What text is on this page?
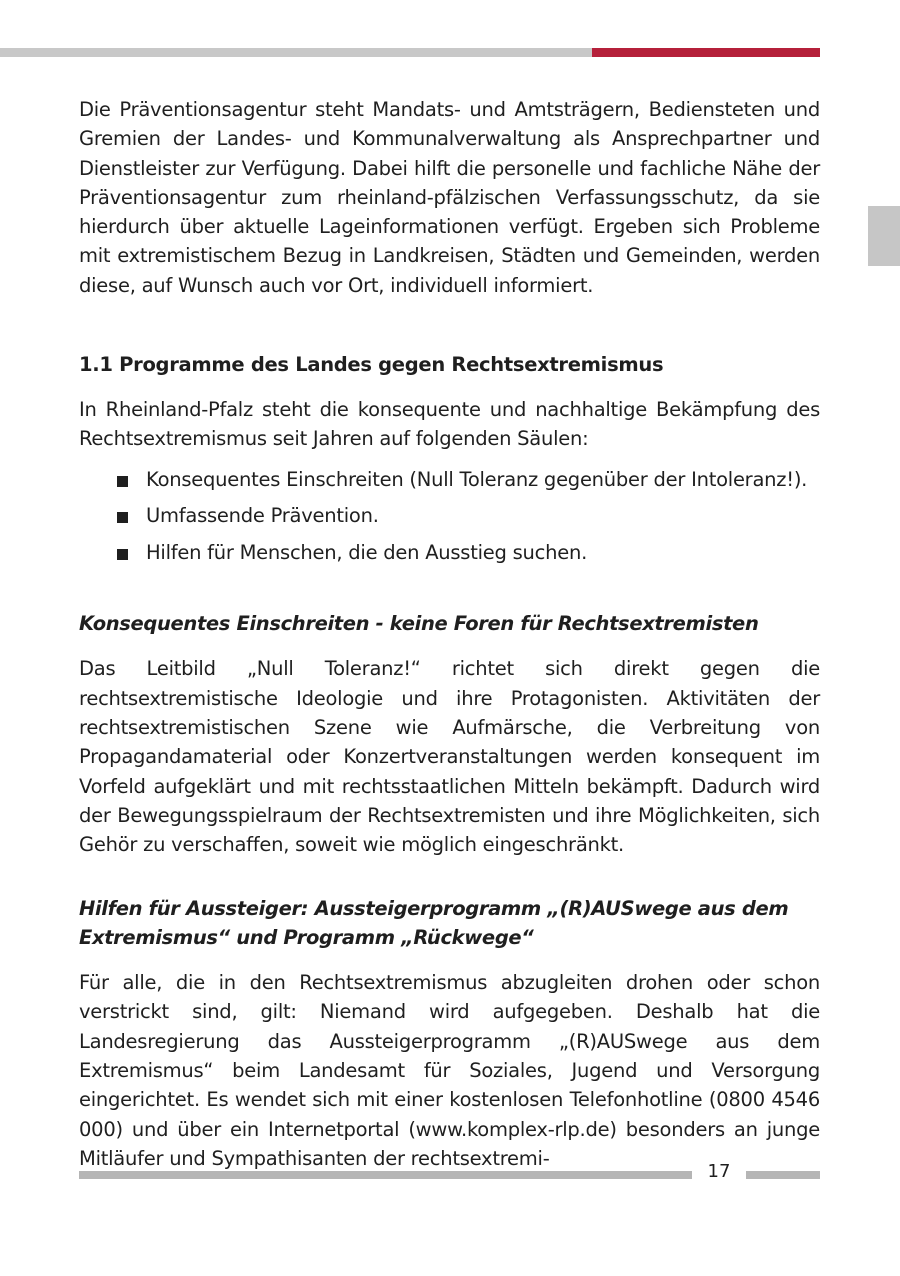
Die Präventionsagentur steht Mandats- und Amtsträgern, Bediensteten und Gremien der Landes- und Kommunalverwaltung als Ansprechpartner und Dienstleister zur Verfügung. Dabei hilft die personelle und fachliche Nähe der Präventionsagentur zum rheinland-pfälzischen Verfassungsschutz, da sie hierdurch über aktuelle Lageinformationen verfügt. Ergeben sich Probleme mit extremistischem Bezug in Landkreisen, Städten und Gemeinden, werden diese, auf Wunsch auch vor Ort, individuell informiert.

1.1 Programme des Landes gegen Rechtsextremismus

In Rheinland-Pfalz steht die konsequente und nachhaltige Bekämpfung des Rechtsextremismus seit Jahren auf folgenden Säulen:

Konsequentes Einschreiten (Null Toleranz gegenüber der Intoleranz!).
Umfassende Prävention.
Hilfen für Menschen, die den Ausstieg suchen.
Konsequentes Einschreiten - keine Foren für Rechtsextremisten

Das Leitbild „Null Toleranz!“ richtet sich direkt gegen die rechtsextremistische Ideologie und ihre Protagonisten. Aktivitäten der rechtsextremistischen Szene wie Aufmärsche, die Verbreitung von Propagandamaterial oder Konzertveranstaltungen werden konsequent im Vorfeld aufgeklärt und mit rechtsstaatlichen Mitteln bekämpft. Dadurch wird der Bewegungsspielraum der Rechtsextremisten und ihre Möglichkeiten, sich Gehör zu verschaffen, soweit wie möglich eingeschränkt.

Hilfen für Aussteiger: Aussteigerprogramm „(R)AUSwege aus dem Extremismus“ und Programm „Rückwege“

Für alle, die in den Rechtsextremismus abzugleiten drohen oder schon verstrickt sind, gilt: Niemand wird aufgegeben. Deshalb hat die Landesregierung das Aussteigerprogramm „(R)AUSwege aus dem Extremismus“ beim Landesamt für Soziales, Jugend und Versorgung eingerichtet. Es wendet sich mit einer kostenlosen Telefonhotline (0800 4546 000) und über ein Internetportal (www.komplex-​rlp.de) besonders an junge Mitläufer und Sympathisanten der rechtsextremi-

17
